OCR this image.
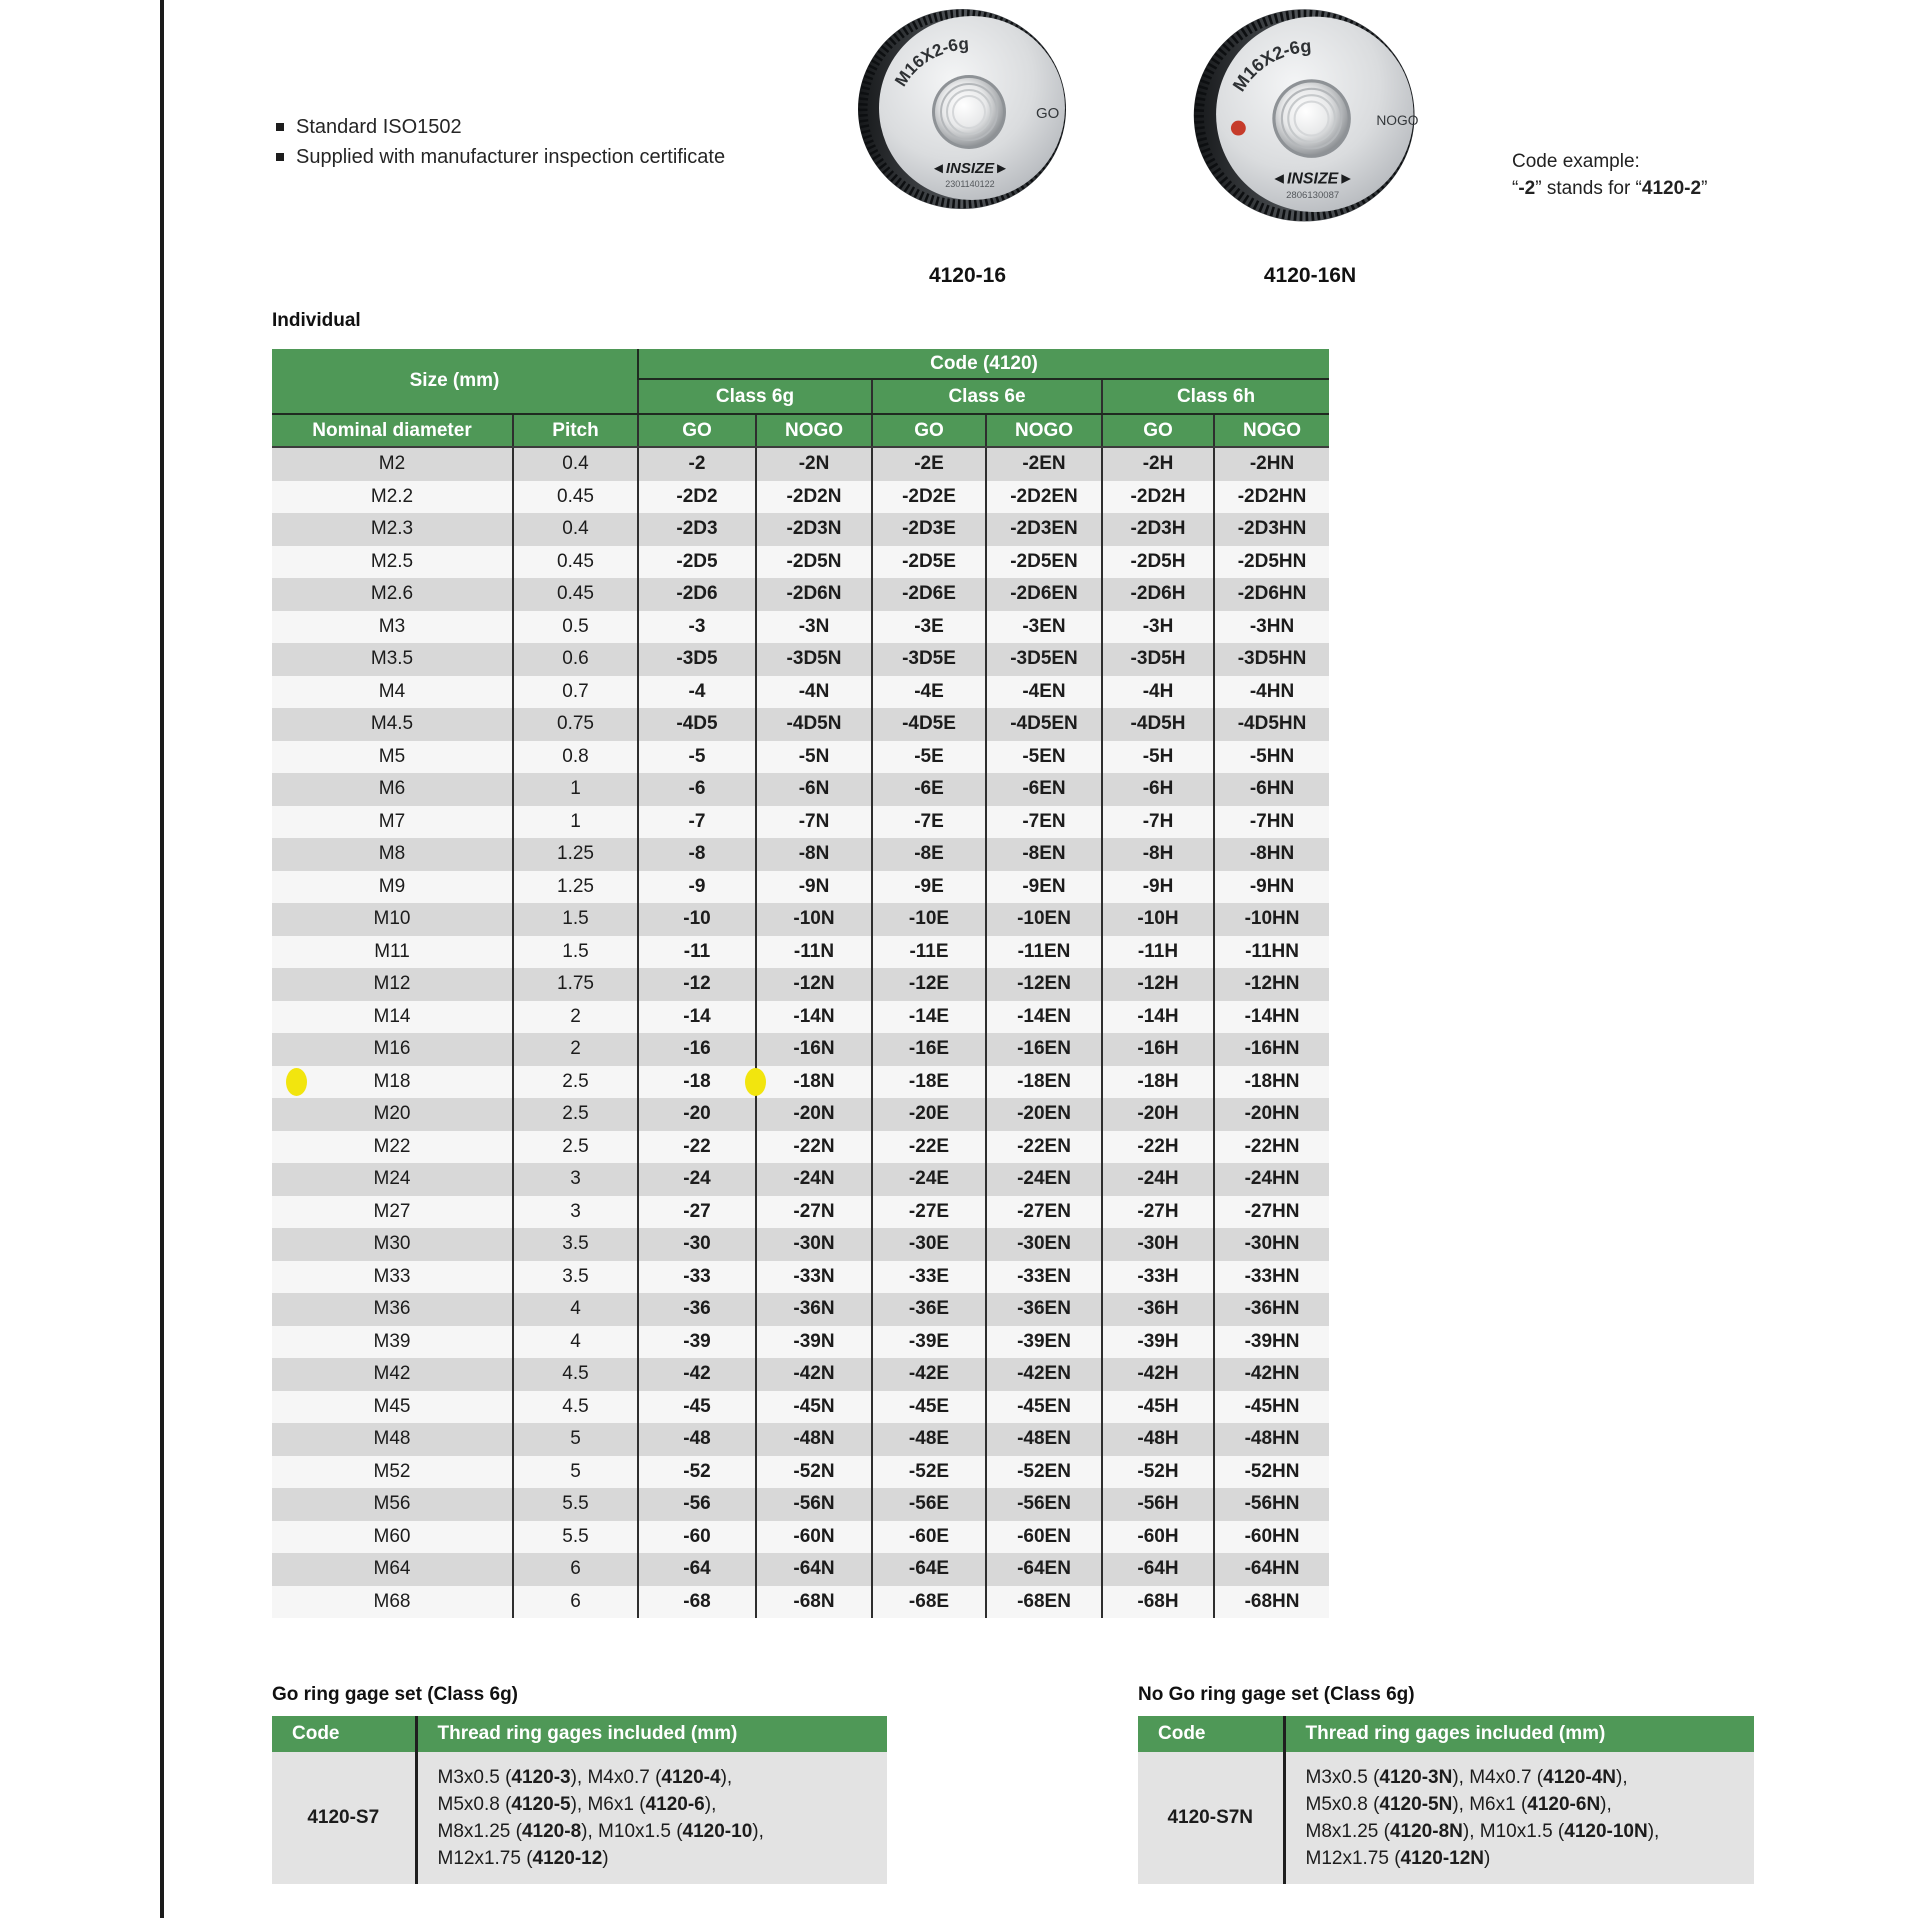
Standard ISO1502
Supplied with manufacturer inspection certificate
M16X2-6g
GO
◄INSIZE►
2301140122
4120-16
M16X2-6g
NOGO
◄INSIZE►
2806130087
4120-16N
Code example:
“-2” stands for “4120-2”
Individual
Size (mm)		Code (4120)					
		Class 6g		Class 6e		Class 6h	
Nominal diameter	Pitch	GO	NOGO	GO	NOGO	GO	NOGO
M2	0.4	-2	-2N	-2E	-2EN	-2H	-2HN
M2.2	0.45	-2D2	-2D2N	-2D2E	-2D2EN	-2D2H	-2D2HN
M2.3	0.4	-2D3	-2D3N	-2D3E	-2D3EN	-2D3H	-2D3HN
M2.5	0.45	-2D5	-2D5N	-2D5E	-2D5EN	-2D5H	-2D5HN
M2.6	0.45	-2D6	-2D6N	-2D6E	-2D6EN	-2D6H	-2D6HN
M3	0.5	-3	-3N	-3E	-3EN	-3H	-3HN
M3.5	0.6	-3D5	-3D5N	-3D5E	-3D5EN	-3D5H	-3D5HN
M4	0.7	-4	-4N	-4E	-4EN	-4H	-4HN
M4.5	0.75	-4D5	-4D5N	-4D5E	-4D5EN	-4D5H	-4D5HN
M5	0.8	-5	-5N	-5E	-5EN	-5H	-5HN
M6	1	-6	-6N	-6E	-6EN	-6H	-6HN
M7	1	-7	-7N	-7E	-7EN	-7H	-7HN
M8	1.25	-8	-8N	-8E	-8EN	-8H	-8HN
M9	1.25	-9	-9N	-9E	-9EN	-9H	-9HN
M10	1.5	-10	-10N	-10E	-10EN	-10H	-10HN
M11	1.5	-11	-11N	-11E	-11EN	-11H	-11HN
M12	1.75	-12	-12N	-12E	-12EN	-12H	-12HN
M14	2	-14	-14N	-14E	-14EN	-14H	-14HN
M16	2	-16	-16N	-16E	-16EN	-16H	-16HN
M18	2.5	-18	-18N	-18E	-18EN	-18H	-18HN
M20	2.5	-20	-20N	-20E	-20EN	-20H	-20HN
M22	2.5	-22	-22N	-22E	-22EN	-22H	-22HN
M24	3	-24	-24N	-24E	-24EN	-24H	-24HN
M27	3	-27	-27N	-27E	-27EN	-27H	-27HN
M30	3.5	-30	-30N	-30E	-30EN	-30H	-30HN
M33	3.5	-33	-33N	-33E	-33EN	-33H	-33HN
M36	4	-36	-36N	-36E	-36EN	-36H	-36HN
M39	4	-39	-39N	-39E	-39EN	-39H	-39HN
M42	4.5	-42	-42N	-42E	-42EN	-42H	-42HN
M45	4.5	-45	-45N	-45E	-45EN	-45H	-45HN
M48	5	-48	-48N	-48E	-48EN	-48H	-48HN
M52	5	-52	-52N	-52E	-52EN	-52H	-52HN
M56	5.5	-56	-56N	-56E	-56EN	-56H	-56HN
M60	5.5	-60	-60N	-60E	-60EN	-60H	-60HN
M64	6	-64	-64N	-64E	-64EN	-64H	-64HN
M68	6	-68	-68N	-68E	-68EN	-68H	-68HN
Go ring gage set (Class 6g)
Code	Thread ring gages included (mm)
4120-S7	M3x0.5 (4120-3), M4x0.7 (4120-4),
M5x0.8 (4120-5), M6x1 (4120-6),
M8x1.25 (4120-8), M10x1.5 (4120-10),
M12x1.75 (4120-12)
No Go ring gage set (Class 6g)
Code	Thread ring gages included (mm)
4120-S7N	M3x0.5 (4120-3N), M4x0.7 (4120-4N),
M5x0.8 (4120-5N), M6x1 (4120-6N),
M8x1.25 (4120-8N), M10x1.5 (4120-10N),
M12x1.75 (4120-12N)
